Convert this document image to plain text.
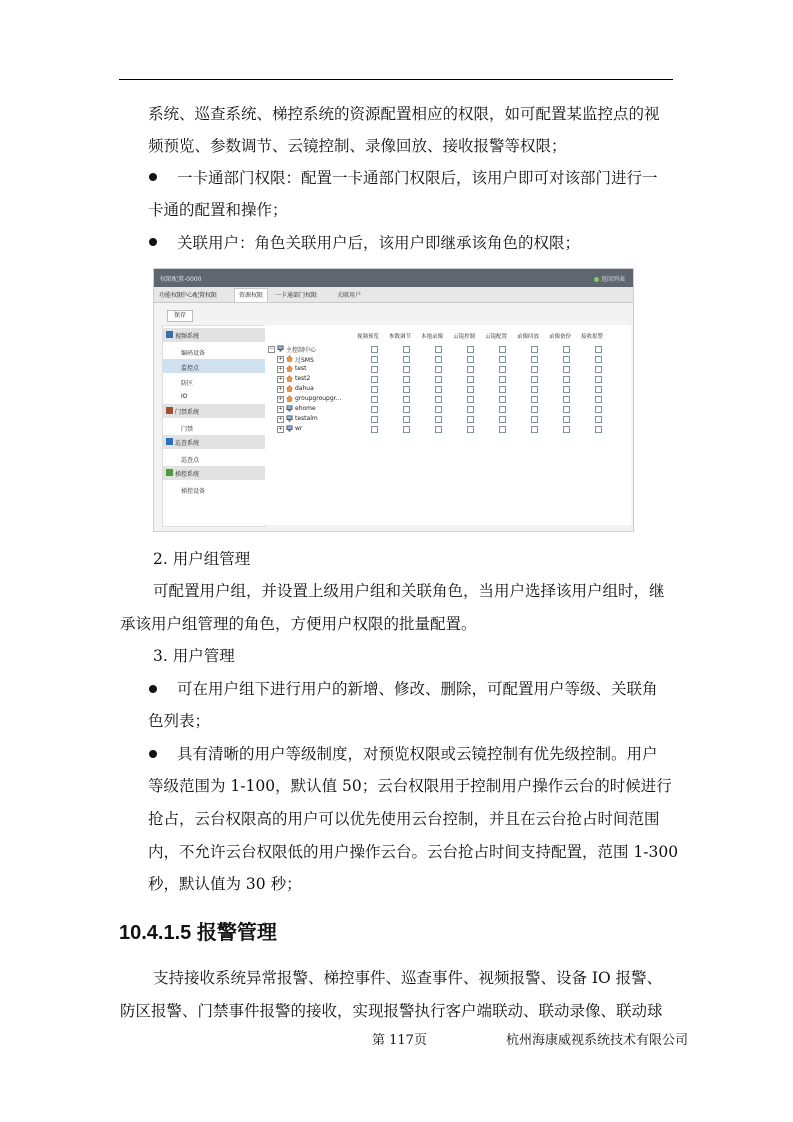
系统、巡查系统、梯控系统的资源配置相应的权限，如可配置某监控点的视
频预览、参数调节、云镜控制、录像回放、接收报警等权限；
一卡通部门权限：配置一卡通部门权限后，该用户即可对该部门进行一
卡通的配置和操作；
关联用户：角色关联用户后，该用户即继承该角色的权限；
权限配置-0000	返回列表
功能权限
中心配置权限	资源权限	一卡通部门权限	关联用户
保存
视频系统
编码设备
监控点
防区
IO
门禁系统
门禁
巡查系统
巡查点
梯控系统
梯控设备
视频预览 参数调节 本地录像 云镜控制 云镜配置 录像回放 录像备份 接收报警
− 主控制中心
+ 过SMS
+ test
+ test2
+ dahua
+ groupgroupgr...
+ ehome
+ testalm
+ wr
2. 用户组管理
可配置用户组，并设置上级用户组和关联角色，当用户选择该用户组时，继
承该用户组管理的角色，方便用户权限的批量配置。
3. 用户管理
可在用户组下进行用户的新增、修改、删除，可配置用户等级、关联角
色列表；
具有清晰的用户等级制度，对预览权限或云镜控制有优先级控制。用户
等级范围为 1-100，默认值 50；云台权限用于控制用户操作云台的时候进行
抢占，云台权限高的用户可以优先使用云台控制，并且在云台抢占时间范围
内，不允许云台权限低的用户操作云台。云台抢占时间支持配置，范围 1-300
秒，默认值为 30 秒；
10.4.1.5 报警管理
支持接收系统异常报警、梯控事件、巡查事件、视频报警、设备 IO 报警、
防区报警、门禁事件报警的接收，实现报警执行客户端联动、联动录像、联动球
第 117页	杭州海康威视系统技术有限公司
